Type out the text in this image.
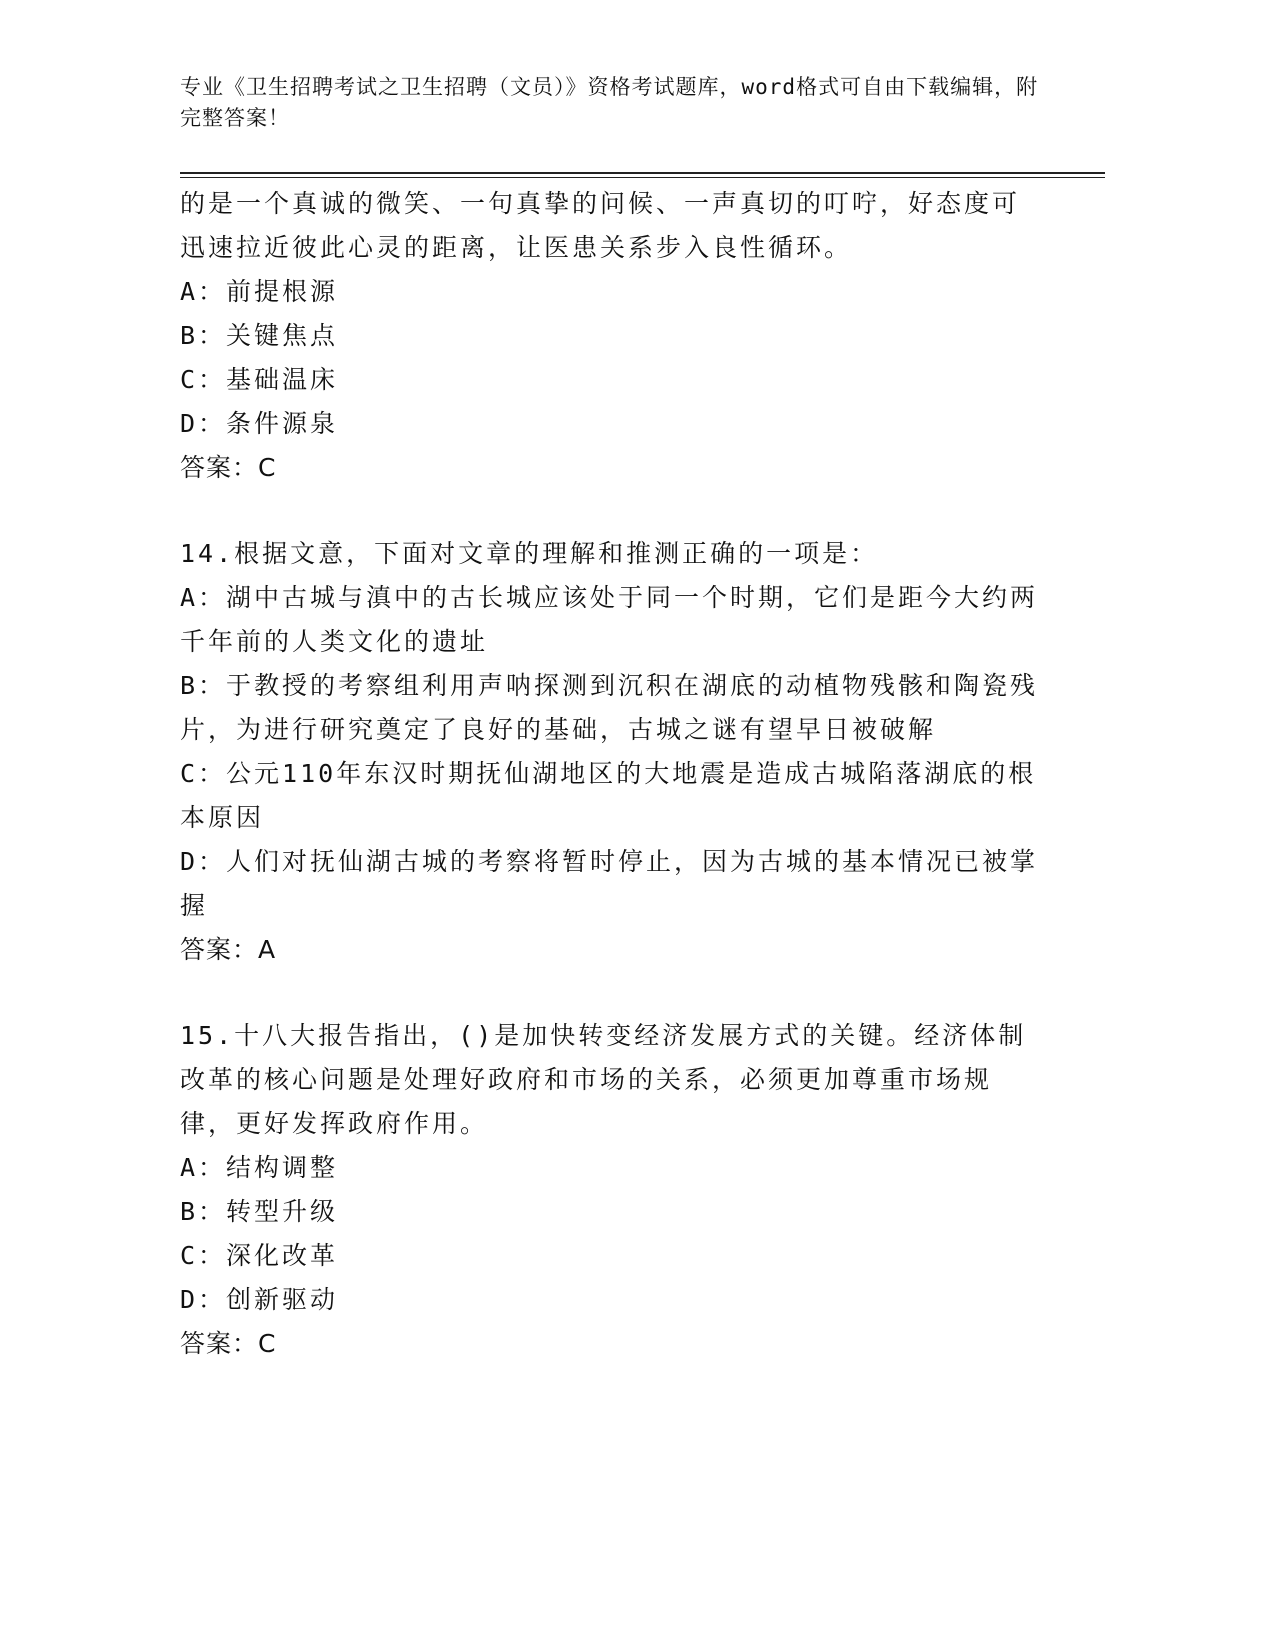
专业《卫生招聘考试之卫生招聘（文员）》资格考试题库，word格式可自由下载编辑，附完整答案！
的是一个真诚的微笑、一句真挚的问候、一声真切的叮咛，好态度可迅速拉近彼此心灵的距离，让医患关系步入良性循环。
A：前提根源
B：关键焦点
C：基础温床
D：条件源泉
答案：C
14.根据文意，下面对文章的理解和推测正确的一项是：
A：湖中古城与滇中的古长城应该处于同一个时期，它们是距今大约两千年前的人类文化的遗址
B：于教授的考察组利用声呐探测到沉积在湖底的动植物残骸和陶瓷残片，为进行研究奠定了良好的基础，古城之谜有望早日被破解
C：公元110年东汉时期抚仙湖地区的大地震是造成古城陷落湖底的根本原因
D：人们对抚仙湖古城的考察将暂时停止，因为古城的基本情况已被掌握
答案：A
15.十八大报告指出，()是加快转变经济发展方式的关键。经济体制改革的核心问题是处理好政府和市场的关系，必须更加尊重市场规律，更好发挥政府作用。
A：结构调整
B：转型升级
C：深化改革
D：创新驱动
答案：C
